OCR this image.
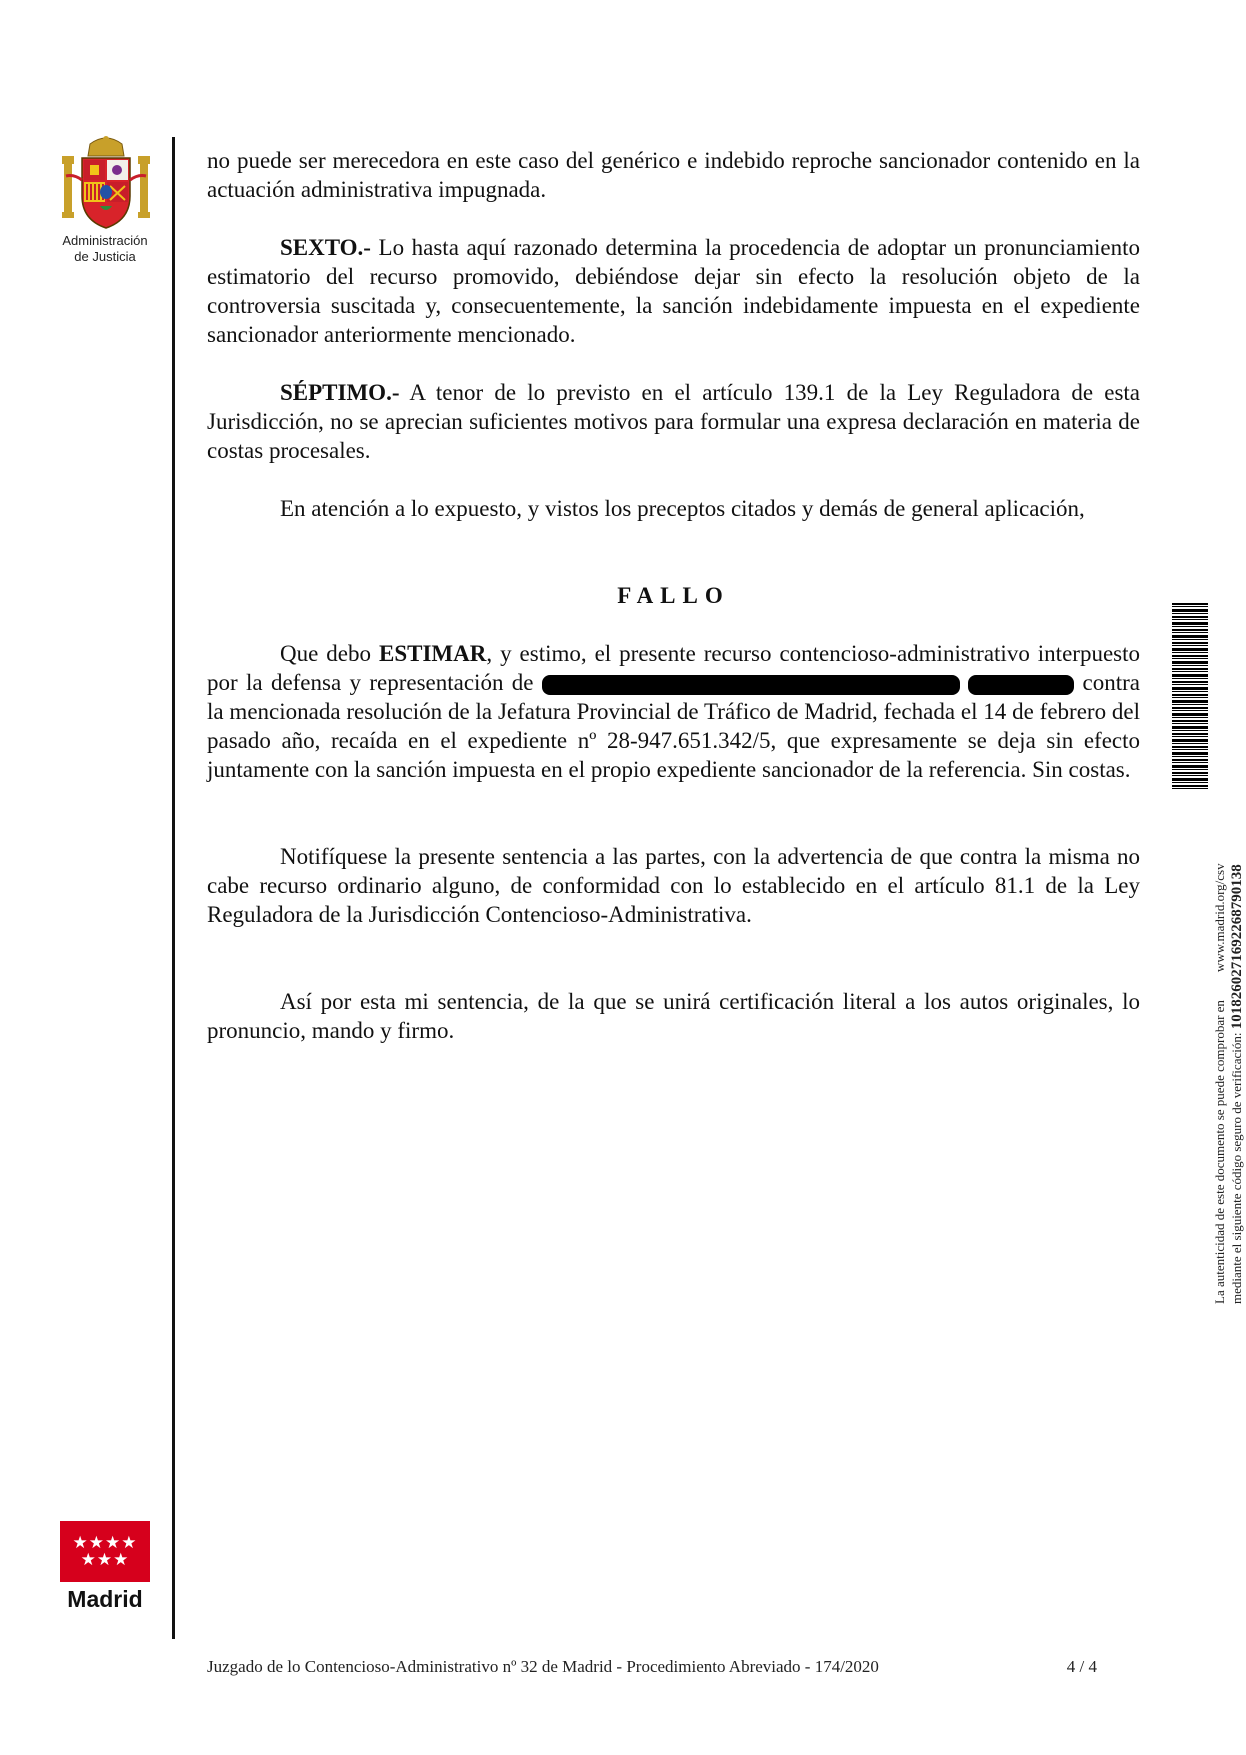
Administración
de Justicia
★★★★
★★★
Madrid

no puede ser merecedora en este caso del genérico e indebido reproche sancionador contenido en la actuación administrativa impugnada.

SEXTO.- Lo hasta aquí razonado determina la procedencia de adoptar un pronunciamiento estimatorio del recurso promovido, debiéndose dejar sin efecto la resolución objeto de la controversia suscitada y, consecuentemente, la sanción indebidamente impuesta en el expediente sancionador anteriormente mencionado.

SÉPTIMO.- A tenor de lo previsto en el artículo 139.1 de la Ley Reguladora de esta Jurisdicción, no se aprecian suficientes motivos para formular una expresa declaración en materia de costas procesales.

En atención a lo expuesto, y vistos los preceptos citados y demás de general aplicación,

FALLO

Que debo ESTIMAR, y estimo, el presente recurso contencioso-administrativo interpuesto por la defensa y representación de	contra la mencionada resolución de la Jefatura Provincial de Tráfico de Madrid, fechada el 14 de febrero del pasado año, recaída en el expediente nº 28-947.651.342/5, que expresamente se deja sin efecto juntamente con la sanción impuesta en el propio expediente sancionador de la referencia. Sin costas.

Notifíquese la presente sentencia a las partes, con la advertencia de que contra la misma no cabe recurso ordinario alguno, de conformidad con lo establecido en el artículo 81.1 de la Ley Reguladora de la Jurisdicción Contencioso-Administrativa.

Así por esta mi sentencia, de la que se unirá certificación literal a los autos originales, lo pronuncio, mando y firmo.	La autenticidad de este documento se puede comprobar enwww.madrid.org/csv
mediante el siguiente código seguro de verificación: 1018260271692268790138
Juzgado de lo Contencioso-Administrativo nº 32 de Madrid - Procedimiento Abreviado - 174/2020	4 / 4
